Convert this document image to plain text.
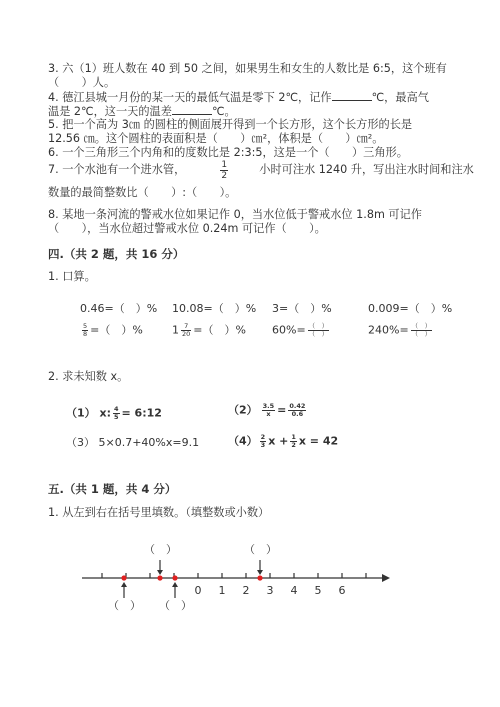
3. 六（1）班人数在 40 到 50 之间，如果男生和女生的人数比是 6:5，这个班有
（　　）人。
4. 德江县城一月份的某一天的最低气温是零下 2℃，记作	℃，最高气
温是 2℃，这一天的温差	℃。
5. 把一个高为 3㎝ 的圆柱的侧面展开得到一个长方形，这个长方形的长是
12.56 ㎝。这个圆柱的表面积是（　　）㎝²，体积是（　　）㎝²。
6. 一个三角形三个内角和的度数比是 2:3:5，这是一个（　　）三角形。
7. 一个水池有一个进水管，	$\frac{1}{2}$	小时可注水 1240 升，写出注水时间和注水
数量的最简整数比（　　）:（　　）。
8. 某地一条河流的警戒水位如果记作 0，当水位低于警戒水位 1.8m 可记作
（　　），当水位超过警戒水位 0.24m 可记作（　　）。
四.（共 2 题，共 16 分）
1. 口算。
0.46=（　）% 10.08=（　）% 3=（　）%	0.009=（　）%
$\frac{5}{8}$ =（　）%	$1 \frac{7}{20}$ =（　）% $60\%= \frac{( )}{( )}$	$240\%= \frac{( )}{( )}$
2. 求未知数 x。
（1） x: $\frac{4}{5}$ = 6:12	$(2) \frac{3.5}{x} = \frac{0.42}{0.6}$
（3） 5×0.7+40%x=9.1	$(4) \frac{2}{3}$ $x + \frac{1}{2}$ x = 42
五.（共 1 题，共 4 分）
1. 从左到右在括号里填数。（填整数或小数）
0 1 2 3 4 5 6
（　）	（　）
（　） （　）
